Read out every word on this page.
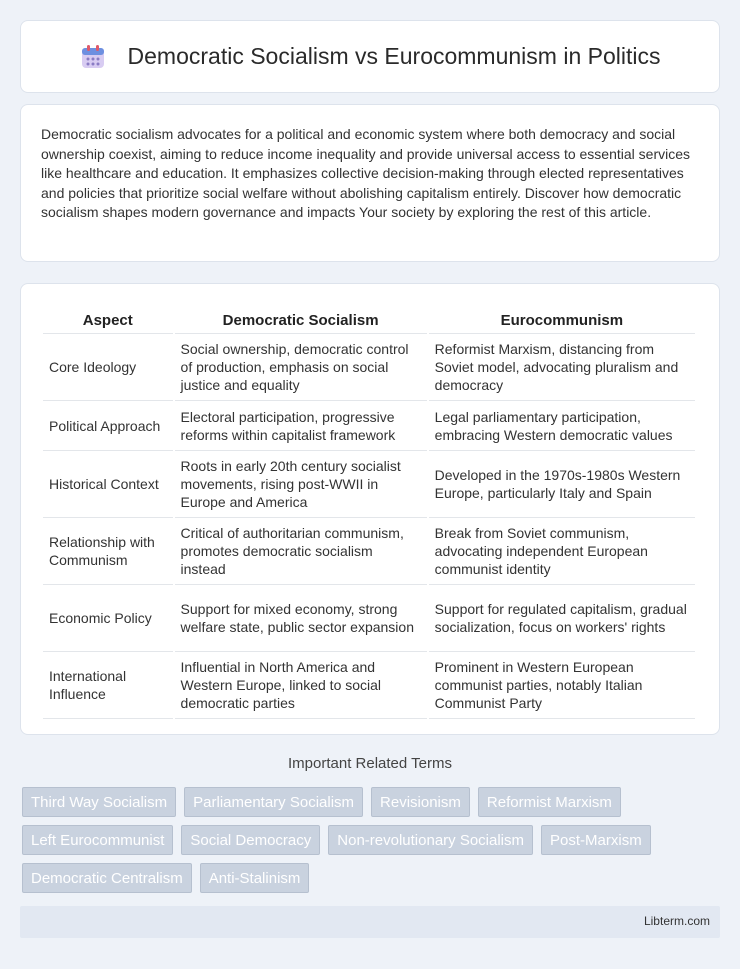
Democratic Socialism vs Eurocommunism in Politics

Democratic socialism advocates for a political and economic system where both democracy and social ownership coexist, aiming to reduce income inequality and provide universal access to essential services like healthcare and education. It emphasizes collective decision-making through elected representatives and policies that prioritize social welfare without abolishing capitalism entirely. Discover how democratic socialism shapes modern governance and impacts Your society by exploring the rest of this article.

Aspect	Democratic Socialism	Eurocommunism
Core Ideology	Social ownership, democratic control of production, emphasis on social justice and equality	Reformist Marxism, distancing from Soviet model, advocating pluralism and democracy
Political Approach	Electoral participation, progressive reforms within capitalist framework	Legal parliamentary participation, embracing Western democratic values
Historical Context	Roots in early 20th century socialist movements, rising post-WWII in Europe and America	Developed in the 1970s-1980s Western Europe, particularly Italy and Spain
Relationship with Communism	Critical of authoritarian communism, promotes democratic socialism instead	Break from Soviet communism, advocating independent European communist identity
Economic Policy	Support for mixed economy, strong welfare state, public sector expansion	Support for regulated capitalism, gradual socialization, focus on workers' rights
International Influence	Influential in North America and Western Europe, linked to social democratic parties	Prominent in Western European communist parties, notably Italian Communist Party
Important Related Terms
Third Way Socialism	Parliamentary Socialism	Revisionism	Reformist Marxism
Left Eurocommunist	Social Democracy	Non-revolutionary Socialism	Post-Marxism
Democratic Centralism	Anti-Stalinism
Libterm.com
